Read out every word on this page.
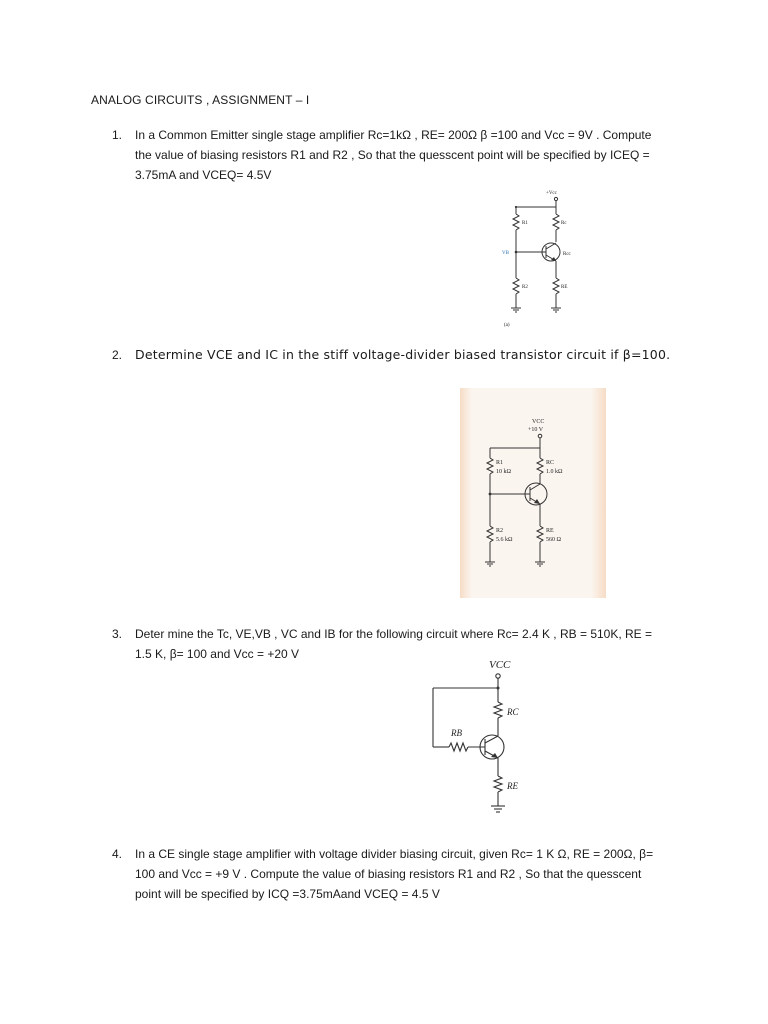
ANALOG CIRCUITS , ASSIGNMENT – I
1.	In a Common Emitter single stage amplifier Rc=1kΩ , RE= 200Ω β =100 and Vcc = 9V . Compute
the value of biasing resistors R1 and R2 , So that the quesscent point will be specified by ICEQ =
3.75mA and VCEQ= 4.5V
+Vcc
R1	Rc
VB	Rcc
R2	RE
(a)
2.	Determine VCE and IC in the stiff voltage-divider biased transistor circuit if β=100.
VCC
+10 V
R1
10 kΩ
RC
1.0 kΩ
R2
5.6 kΩ
RE
560 Ω
3.	Deter mine the Tc, VE,VB , VC and IB for the following circuit where Rc= 2.4 K , RB = 510K, RE =
1.5 K, β= 100 and Vcc = +20 V
VCC
RC
RB
RE
4.	In a CE single stage amplifier with voltage divider biasing circuit, given Rc= 1 K Ω, RE = 200Ω, β=
100 and Vcc = +9 V . Compute the value of biasing resistors R1 and R2 , So that the quesscent
point will be specified by ICQ =3.75mAand VCEQ = 4.5 V
